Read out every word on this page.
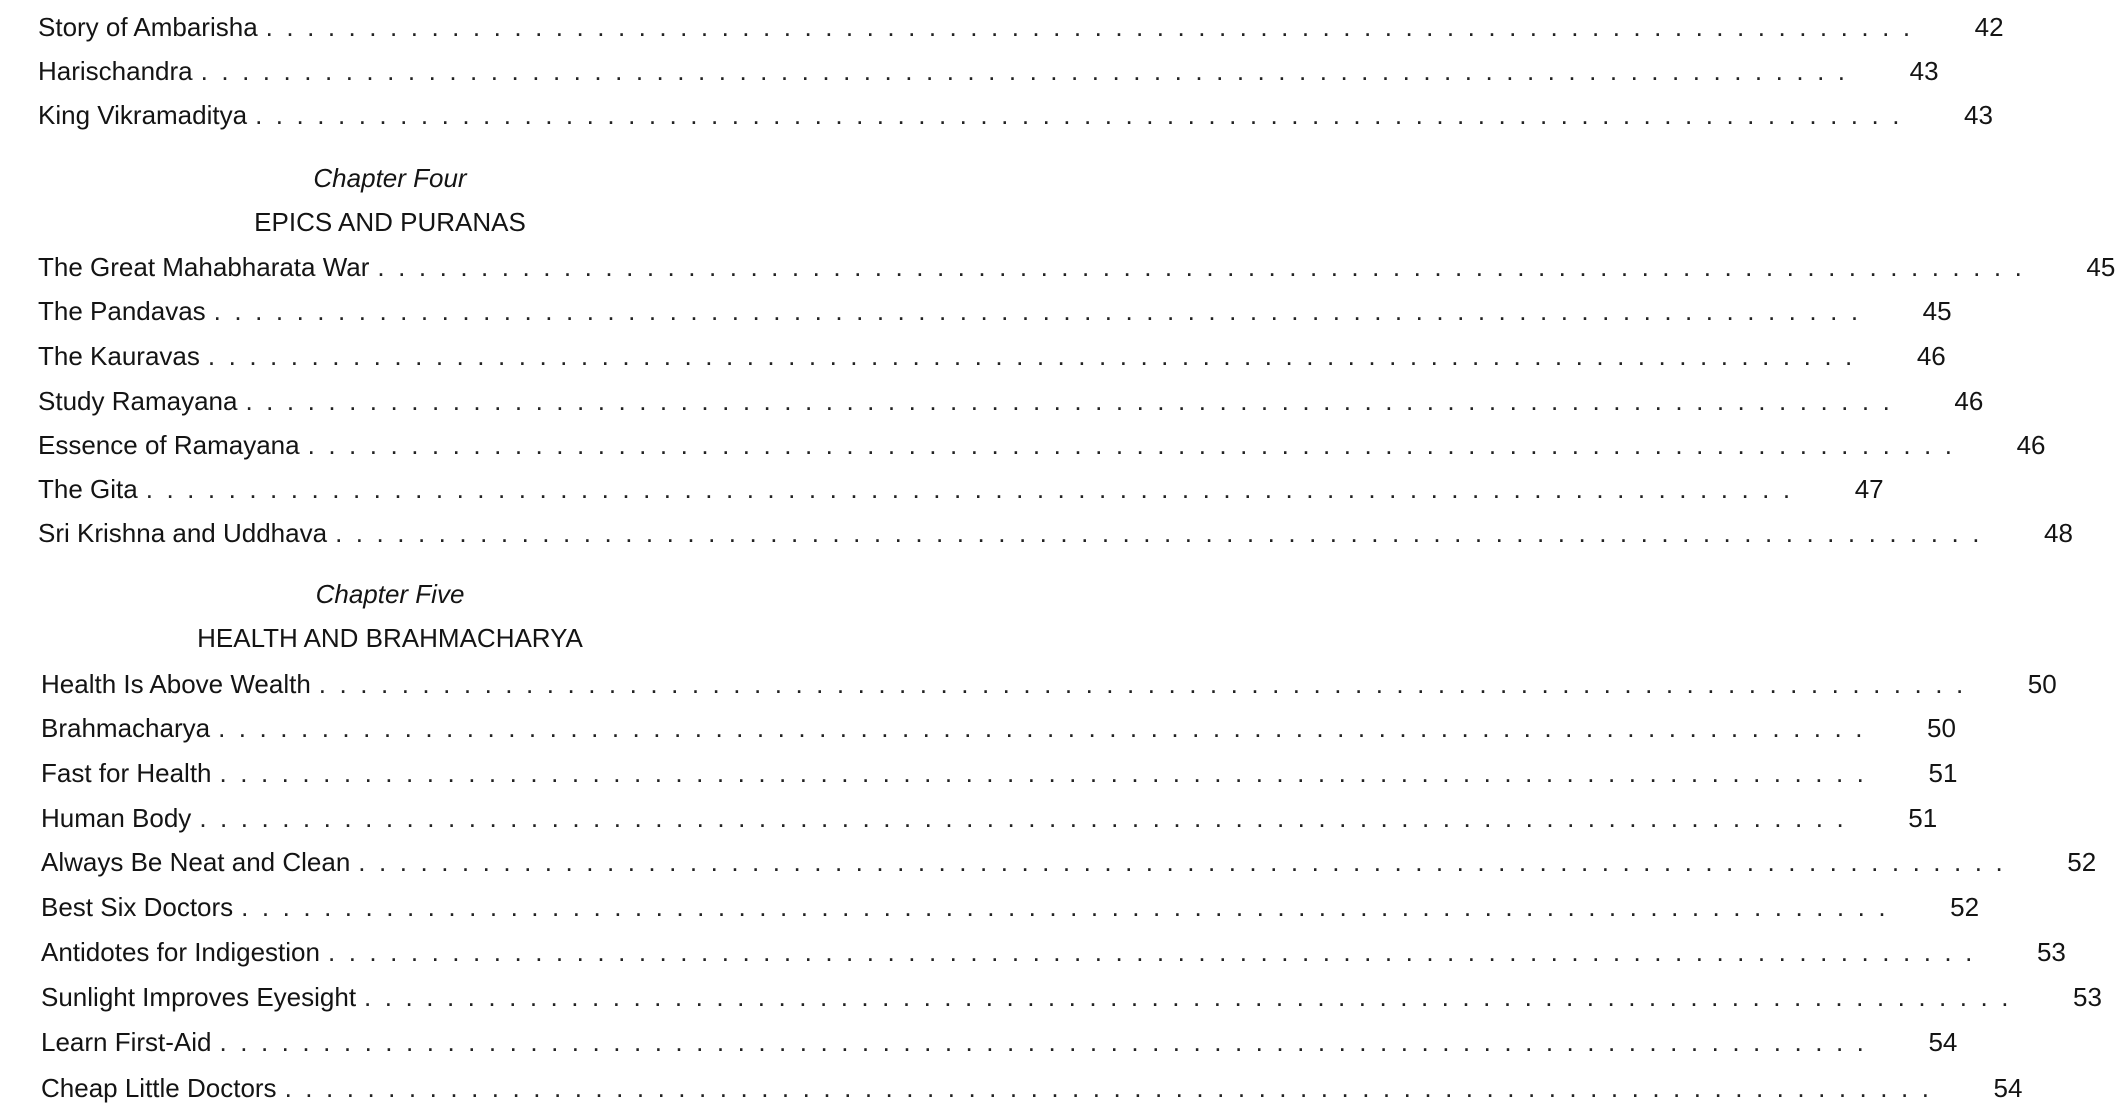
Story of Ambarisha ................................................................................	42
Harischandra ................................................................................	43
King Vikramaditya ................................................................................	43
Chapter Four
EPICS AND PURANAS
The Great Mahabharata War ................................................................................	45
The Pandavas ................................................................................	45
The Kauravas ................................................................................	46
Study Ramayana ................................................................................	46
Essence of Ramayana ................................................................................	46
The Gita ................................................................................	47
Sri Krishna and Uddhava ................................................................................	48
Chapter Five
HEALTH AND BRAHMACHARYA
Health Is Above Wealth ................................................................................	50
Brahmacharya ................................................................................	50
Fast for Health ................................................................................	51
Human Body ................................................................................	51
Always Be Neat and Clean ................................................................................	52
Best Six Doctors ................................................................................	52
Antidotes for Indigestion ................................................................................	53
Sunlight Improves Eyesight ................................................................................	53
Learn First-Aid ................................................................................	54
Cheap Little Doctors ................................................................................	54
